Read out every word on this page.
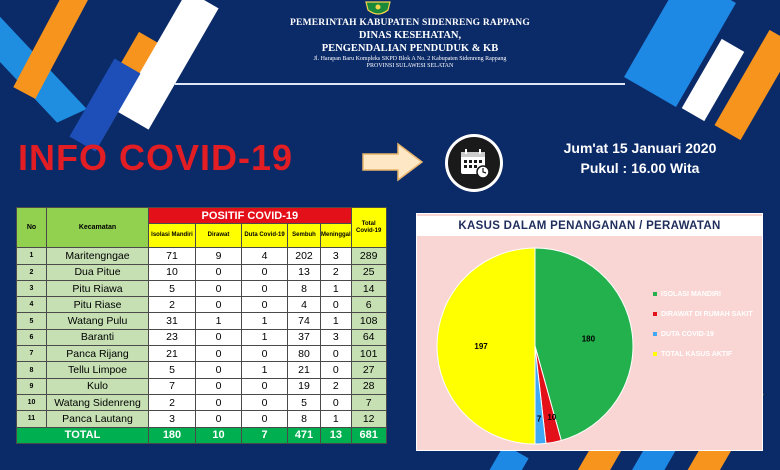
PEMERINTAH KABUPATEN SIDENRENG RAPPANG
DINAS KESEHATAN,
PENGENDALIAN PENDUDUK & KB
Jl. Harapan Baru Kompleks SKPD Blok A No. 2 Kabupaten Sidenreng Rappang
PROVINSI SULAWESI SELATAN
INFO COVID-19	Jum'at 15 Januari 2020
Pukul : 16.00 Wita
No	Kecamatan	POSITIF COVID-19					Total Covid-19
		Isolasi Mandiri	Dirawat	Duta Covid-19	Sembuh	Meninggal	
1	Maritengngae	71	9	4	202	3	289
2	Dua Pitue	10	0	0	13	2	25
3	Pitu Riawa	5	0	0	8	1	14
4	Pitu Riase	2	0	0	4	0	6
5	Watang Pulu	31	1	1	74	1	108
6	Baranti	23	0	1	37	3	64
7	Panca Rijang	21	0	0	80	0	101
8	Tellu Limpoe	5	0	1	21	0	27
9	Kulo	7	0	0	19	2	28
10	Watang Sidenreng	2	0	0	5	0	7
11	Panca Lautang	3	0	0	8	1	12
TOTAL		180	10	7	471	13	681
KASUS DALAM PENANGANAN / PERAWATAN
180
10
7
197
ISOLASI MANDIRI
DIRAWAT DI RUMAH SAKIT
DUTA COVID-19
TOTAL KASUS AKTIF
